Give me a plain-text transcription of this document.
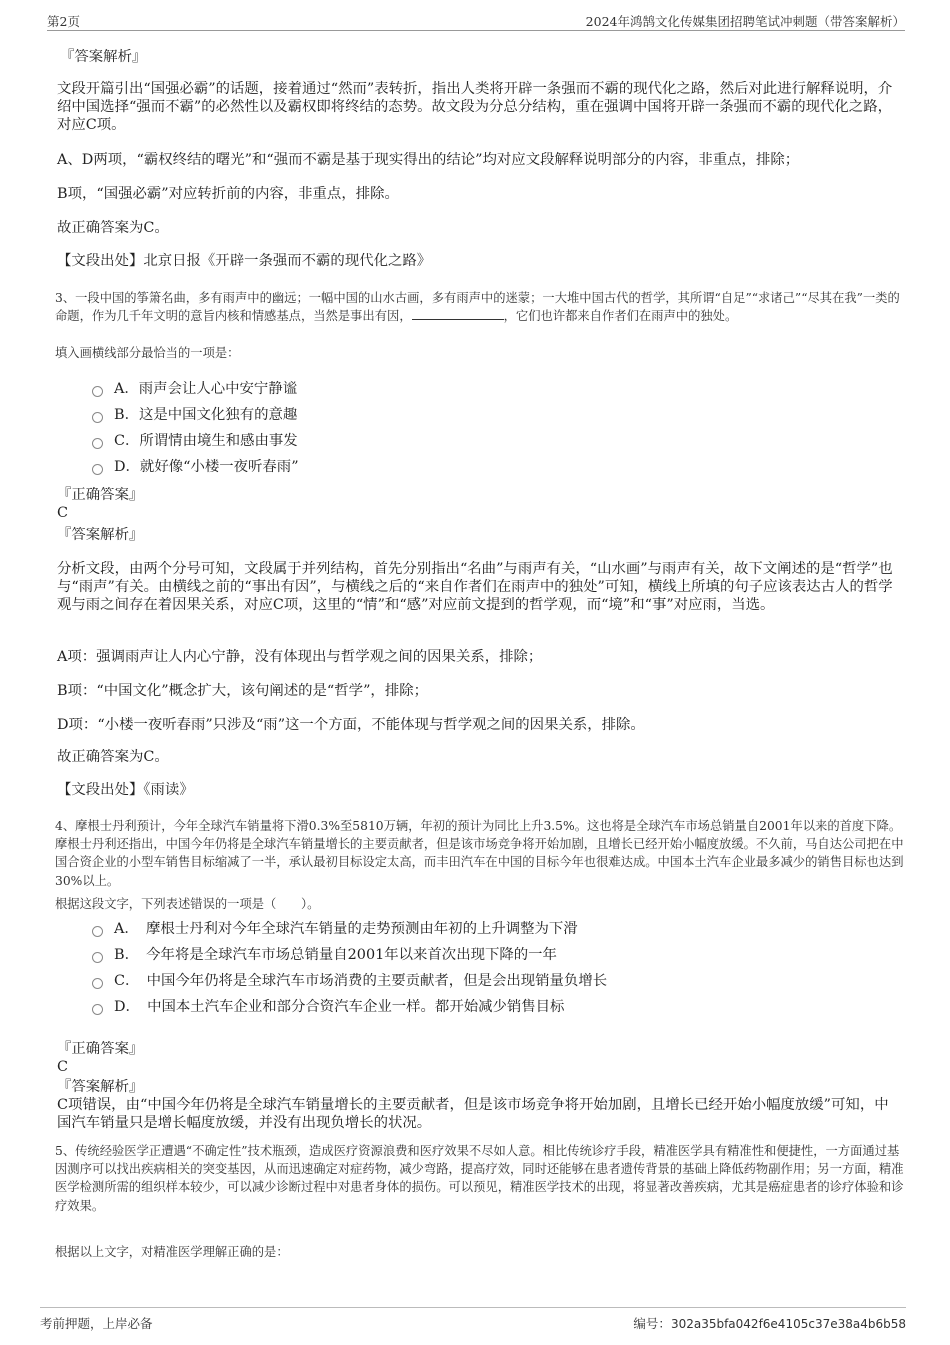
第2页	2024年鸿鹄文化传媒集团招聘笔试冲刺题（带答案解析）
『答案解析』

文段开篇引出“国强必霸”的话题，接着通过“然而”表转折，指出人类将开辟一条强而不霸的现代化之路，然后对此进行解释说明，介绍中国选择“强而不霸”的必然性以及霸权即将终结的态势。故文段为分总分结构，重在强调中国将开辟一条强而不霸的现代化之路，对应C项。

A、D两项，“霸权终结的曙光”和“强而不霸是基于现实得出的结论”均对应文段解释说明部分的内容，非重点，排除；

B项，“国强必霸”对应转折前的内容，非重点，排除。

故正确答案为C。
【文段出处】北京日报《开辟一条强而不霸的现代化之路》

3、一段中国的筝箫名曲，多有雨声中的幽远；一幅中国的山水古画，多有雨声中的迷蒙；一大堆中国古代的哲学，其所谓“自足”“求诸己”“尽其在我”一类的命题，作为几千年文明的意旨内核和情感基点，当然是事出有因，	，它们也许都来自作者们在雨声中的独处。

填入画横线部分最恰当的一项是：
A．雨声会让人心中安宁静谧
B．这是中国文化独有的意趣
C．所谓情由境生和感由事发
D．就好像“小楼一夜听春雨”
『正确答案』
C
『答案解析』

分析文段，由两个分号可知，文段属于并列结构，首先分别指出“名曲”与雨声有关，“山水画”与雨声有关，故下文阐述的是“哲学”也与“雨声”有关。由横线之前的“事出有因”，与横线之后的“来自作者们在雨声中的独处”可知，横线上所填的句子应该表达古人的哲学观与雨之间存在着因果关系，对应C项，这里的“情”和“感”对应前文提到的哲学观，而“境”和“事”对应雨，当选。

A项：强调雨声让人内心宁静，没有体现出与哲学观之间的因果关系，排除；

B项：“中国文化”概念扩大，该句阐述的是“哲学”，排除；

D项：“小楼一夜听春雨”只涉及“雨”这一个方面，不能体现与哲学观之间的因果关系，排除。

故正确答案为C。
【文段出处】《雨读》

4、摩根士丹利预计，今年全球汽车销量将下滑0.3%至5810万辆，年初的预计为同比上升3.5%。这也将是全球汽车市场总销量自2001年以来的首度下降。摩根士丹利还指出，中国今年仍将是全球汽车销量增长的主要贡献者，但是该市场竞争将开始加剧，且增长已经开始小幅度放缓。不久前，马自达公司把在中国合资企业的小型车销售目标缩减了一半，承认最初目标设定太高，而丰田汽车在中国的目标今年也很难达成。中国本土汽车企业最多减少的销售目标也达到30%以上。

根据这段文字，下列表述错误的一项是（　　）。
A．　摩根士丹利对今年全球汽车销量的走势预测由年初的上升调整为下滑
B．　今年将是全球汽车市场总销量自2001年以来首次出现下降的一年
C．　中国今年仍将是全球汽车市场消费的主要贡献者，但是会出现销量负增长
D．　中国本土汽车企业和部分合资汽车企业一样。都开始减少销售目标
『正确答案』
C
『答案解析』

C项错误，由“中国今年仍将是全球汽车销量增长的主要贡献者，但是该市场竞争将开始加剧，且增长已经开始小幅度放缓”可知，中国汽车销量只是增长幅度放缓，并没有出现负增长的状况。

5、传统经验医学正遭遇“不确定性”技术瓶颈，造成医疗资源浪费和医疗效果不尽如人意。相比传统诊疗手段，精准医学具有精准性和便捷性，一方面通过基因测序可以找出疾病相关的突变基因，从而迅速确定对症药物，减少弯路，提高疗效，同时还能够在患者遗传背景的基础上降低药物副作用；另一方面，精准医学检测所需的组织样本较少，可以减少诊断过程中对患者身体的损伤。可以预见，精准医学技术的出现，将显著改善疾病，尤其是癌症患者的诊疗体验和诊疗效果。

根据以上文字，对精准医学理解正确的是：
考前押题，上岸必备	编号：302a35bfa042f6e4105c37e38a4b6b58
